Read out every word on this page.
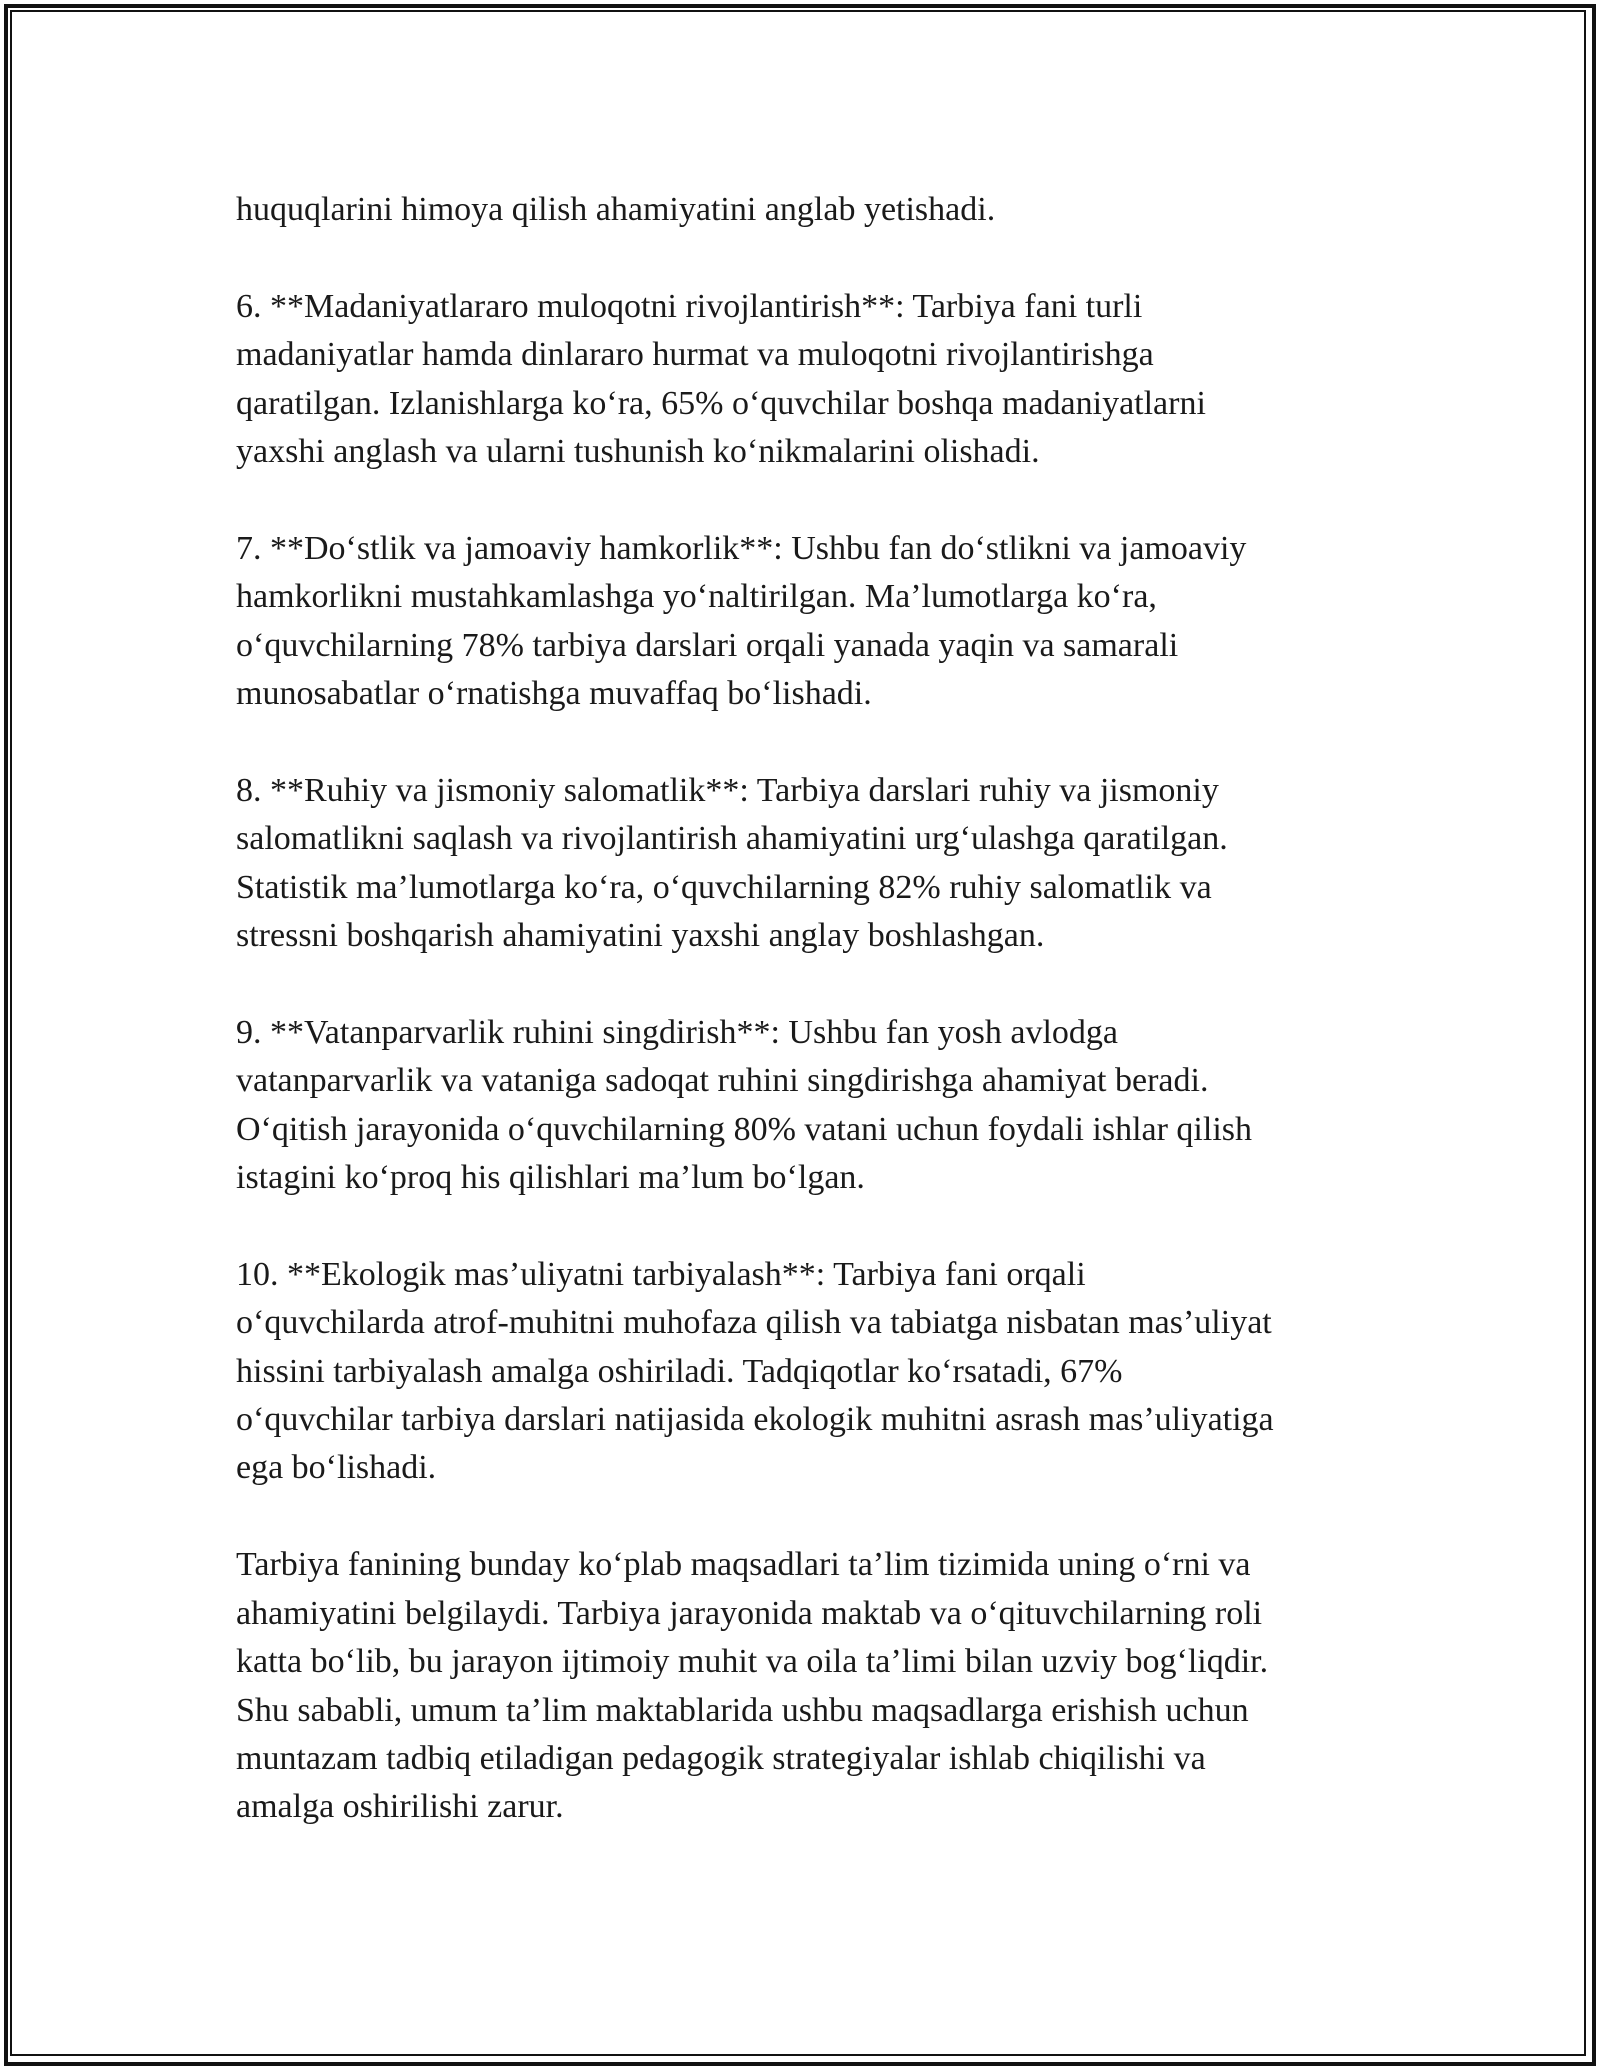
huquqlarini himoya qilish ahamiyatini anglab yetishadi.

6. **Madaniyatlararo muloqotni rivojlantirish**: Tarbiya fani turli
madaniyatlar hamda dinlararo hurmat va muloqotni rivojlantirishga
qaratilgan. Izlanishlarga ko‘ra, 65% o‘quvchilar boshqa madaniyatlarni
yaxshi anglash va ularni tushunish ko‘nikmalarini olishadi.

7. **Do‘stlik va jamoaviy hamkorlik**: Ushbu fan do‘stlikni va jamoaviy
hamkorlikni mustahkamlashga yo‘naltirilgan. Ma’lumotlarga ko‘ra,
o‘quvchilarning 78% tarbiya darslari orqali yanada yaqin va samarali
munosabatlar o‘rnatishga muvaffaq bo‘lishadi.

8. **Ruhiy va jismoniy salomatlik**: Tarbiya darslari ruhiy va jismoniy
salomatlikni saqlash va rivojlantirish ahamiyatini urg‘ulashga qaratilgan.
Statistik ma’lumotlarga ko‘ra, o‘quvchilarning 82% ruhiy salomatlik va
stressni boshqarish ahamiyatini yaxshi anglay boshlashgan.

9. **Vatanparvarlik ruhini singdirish**: Ushbu fan yosh avlodga
vatanparvarlik va vataniga sadoqat ruhini singdirishga ahamiyat beradi.
O‘qitish jarayonida o‘quvchilarning 80% vatani uchun foydali ishlar qilish
istagini ko‘proq his qilishlari ma’lum bo‘lgan.

10. **Ekologik mas’uliyatni tarbiyalash**: Tarbiya fani orqali
o‘quvchilarda atrof-muhitni muhofaza qilish va tabiatga nisbatan mas’uliyat
hissini tarbiyalash amalga oshiriladi. Tadqiqotlar ko‘rsatadi, 67%
o‘quvchilar tarbiya darslari natijasida ekologik muhitni asrash mas’uliyatiga
ega bo‘lishadi.

Tarbiya fanining bunday ko‘plab maqsadlari ta’lim tizimida uning o‘rni va
ahamiyatini belgilaydi. Tarbiya jarayonida maktab va o‘qituvchilarning roli
katta bo‘lib, bu jarayon ijtimoiy muhit va oila ta’limi bilan uzviy bog‘liqdir.
Shu sababli, umum ta’lim maktablarida ushbu maqsadlarga erishish uchun
muntazam tadbiq etiladigan pedagogik strategiyalar ishlab chiqilishi va
amalga oshirilishi zarur.
